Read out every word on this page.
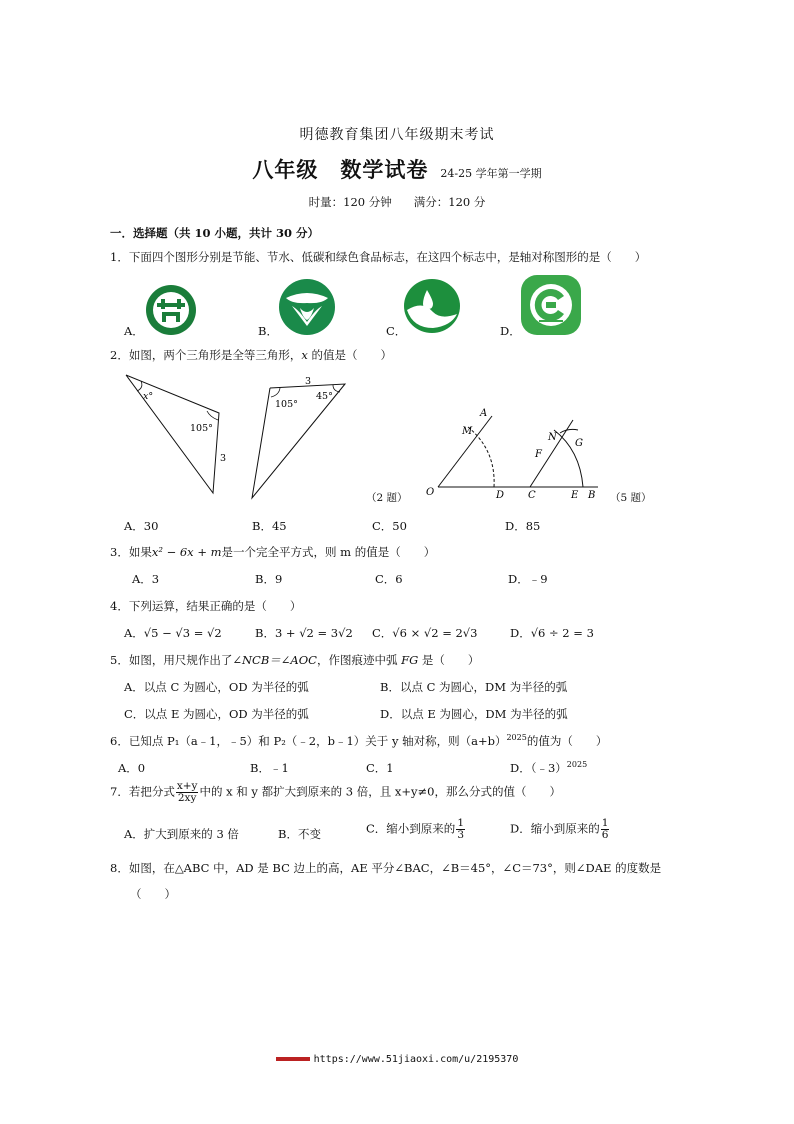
明德教育集团八年级期末考试
八年级 数学试卷 24-25 学年第一学期
时量：120 分钟 满分：120 分
一．选择题（共 10 小题，共计 30 分）
1．下面四个图形分别是节能、节水、低碳和绿色食品标志，在这四个标志中，是轴对称图形的是（　　）
A．	B．	C．	D．
2．如图，两个三角形是全等三角形，x 的值是（　　）
x°
105°
3
105°
45°
3
（2 题）
A
M
O	D C
N
G
F
E B （5 题）
A．30	B．45	C．50	D．85
3．如果x² − 6x + m是一个完全平方式，则 m 的值是（　　）
A．3	B．9	C．6	D．﹣9
4．下列运算，结果正确的是（　　）
A．√5 − √3 = √2	B．3 + √2 = 3√2 C．√6 × √2 = 2√3	D．√6 ÷ 2 = 3
5．如图，用尺规作出了∠NCB＝∠AOC，作图痕迹中弧 FG 是（　　）
A．以点 C 为圆心，OD 为半径的弧	B．以点 C 为圆心，DM 为半径的弧
C．以点 E 为圆心，OD 为半径的弧	D．以点 E 为圆心，DM 为半径的弧
6．已知点 P₁（a﹣1，﹣5）和 P₂（﹣2，b﹣1）关于 y 轴对称，则$(a+b)^{2025}$的值为（　　）
A．0	B．﹣1	C．1	D．（﹣3）$^{2025}$
7．若把分式 $\frac{x+y}{2xy}$ 中的 x 和 y 都扩大到原来的 3 倍，且 x+y≠0，那么分式的值（　　）
A．扩大到原来的 3 倍	B．不变	C．缩小到原来的 $\frac{1}{3}$	D．缩小到原来的 $\frac{1}{6}$
8．如图，在△ABC 中，AD 是 BC 边上的高，AE 平分∠BAC，∠B＝45°，∠C＝73°，则∠DAE 的度数是
（　　）
https://www.51jiaoxi.com/u/2195370
